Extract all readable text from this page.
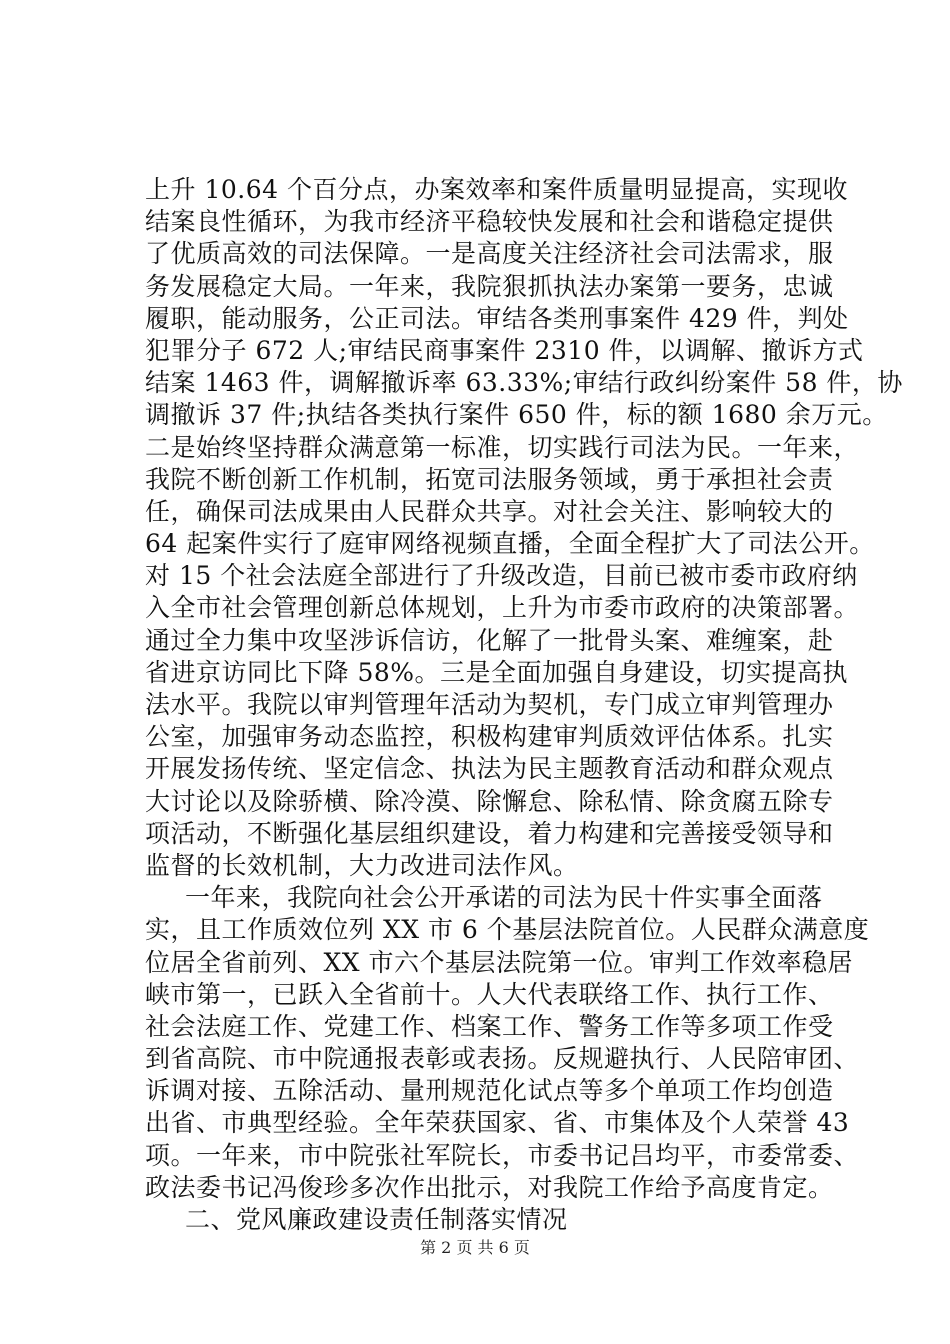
上升 10.64 个百分点，办案效率和案件质量明显提高，实现收
结案良性循环，为我市经济平稳较快发展和社会和谐稳定提供
了优质高效的司法保障。一是高度关注经济社会司法需求，服
务发展稳定大局。一年来，我院狠抓执法办案第一要务，忠诚
履职，能动服务，公正司法。审结各类刑事案件 429 件，判处
犯罪分子 672 人;审结民商事案件 2310 件，以调解、撤诉方式
结案 1463 件，调解撤诉率 63.33%;审结行政纠纷案件 58 件，协
调撤诉 37 件;执结各类执行案件 650 件，标的额 1680 余万元。
二是始终坚持群众满意第一标准，切实践行司法为民。一年来，
我院不断创新工作机制，拓宽司法服务领域，勇于承担社会责
任，确保司法成果由人民群众共享。对社会关注、影响较大的
64 起案件实行了庭审网络视频直播，全面全程扩大了司法公开。
对 15 个社会法庭全部进行了升级改造，目前已被市委市政府纳
入全市社会管理创新总体规划，上升为市委市政府的决策部署。
通过全力集中攻坚涉诉信访，化解了一批骨头案、难缠案，赴
省进京访同比下降 58%。三是全面加强自身建设，切实提高执
法水平。我院以审判管理年活动为契机，专门成立审判管理办
公室，加强审务动态监控，积极构建审判质效评估体系。扎实
开展发扬传统、坚定信念、执法为民主题教育活动和群众观点
大讨论以及除骄横、除冷漠、除懈怠、除私情、除贪腐五除专
项活动，不断强化基层组织建设，着力构建和完善接受领导和
监督的长效机制，大力改进司法作风。
一年来，我院向社会公开承诺的司法为民十件实事全面落
实，且工作质效位列 XX 市 6 个基层法院首位。人民群众满意度
位居全省前列、XX 市六个基层法院第一位。审判工作效率稳居
峡市第一，已跃入全省前十。人大代表联络工作、执行工作、
社会法庭工作、党建工作、档案工作、警务工作等多项工作受
到省高院、市中院通报表彰或表扬。反规避执行、人民陪审团、
诉调对接、五除活动、量刑规范化试点等多个单项工作均创造
出省、市典型经验。全年荣获国家、省、市集体及个人荣誉 43
项。一年来，市中院张社军院长，市委书记吕均平，市委常委、
政法委书记冯俊珍多次作出批示，对我院工作给予高度肯定。
二、党风廉政建设责任制落实情况
第 2 页 共 6 页
